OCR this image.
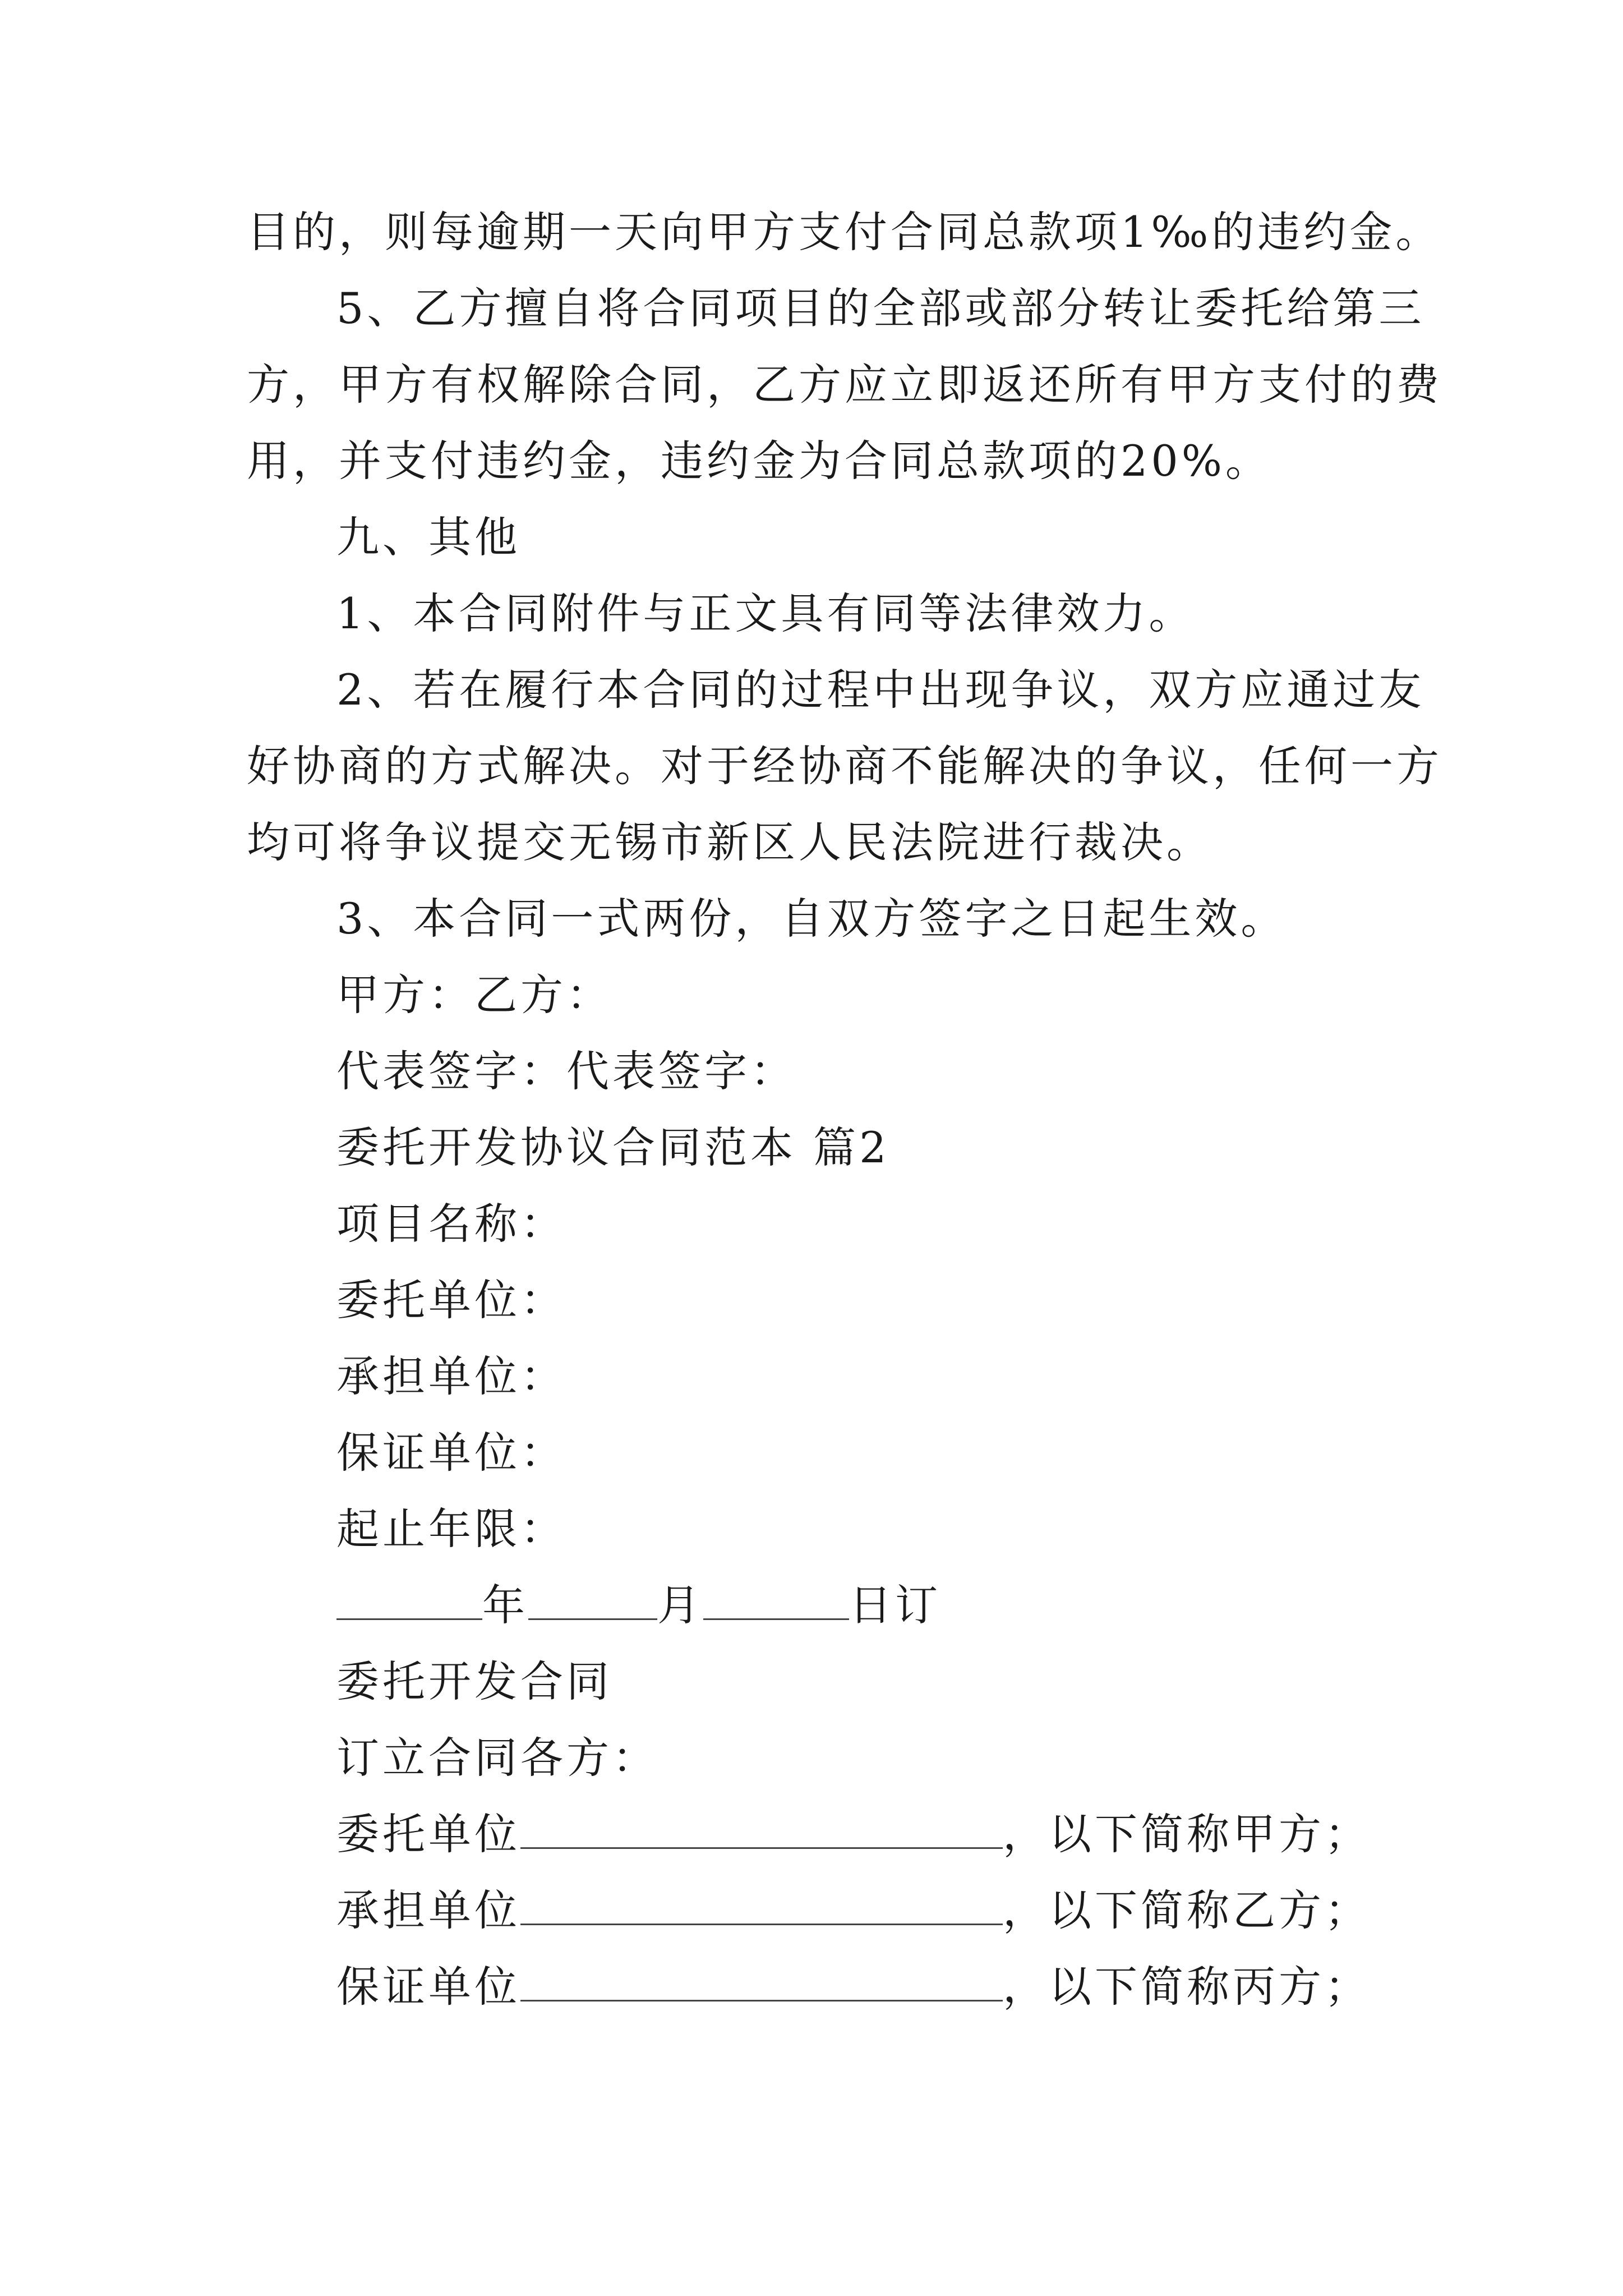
目的，则每逾期一天向甲方支付合同总款项1‰的违约金。
5、乙方擅自将合同项目的全部或部分转让委托给第三
方，甲方有权解除合同，乙方应立即返还所有甲方支付的费
用，并支付违约金，违约金为合同总款项的20%。
九、其他
1、本合同附件与正文具有同等法律效力。
2、若在履行本合同的过程中出现争议，双方应通过友
好协商的方式解决。对于经协商不能解决的争议，任何一方
均可将争议提交无锡市新区人民法院进行裁决。
3、本合同一式两份，自双方签字之日起生效。
甲方：乙方：
代表签字：代表签字：
委托开发协议合同范本 篇2
项目名称：
委托单位：
承担单位：
保证单位：
起止年限：
年	月	日订
委托开发合同
订立合同各方：
委托单位	，以下简称甲方；
承担单位	，以下简称乙方；
保证单位	，以下简称丙方；
